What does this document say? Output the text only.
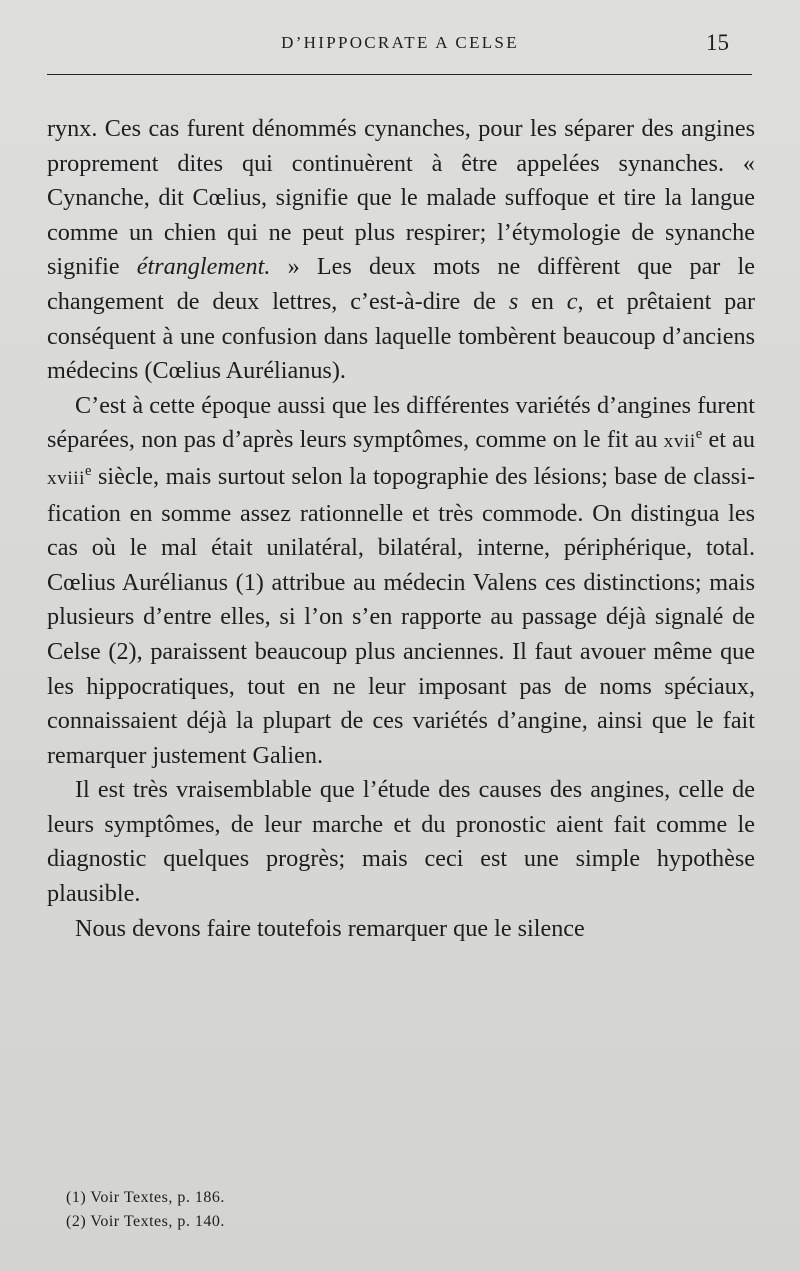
D’HIPPOCRATE A CELSE	15

rynx. Ces cas furent dénommés cynanches, pour les séparer des angines proprement dites qui continuèrent à être appelées synanches. « Cynanche, dit Cœlius, signifie que le malade suffoque et tire la langue comme un chien qui ne peut plus respirer; l’étymologie de synanche signifie étranglement. » Les deux mots ne diffèrent que par le changement de deux lettres, c’est-à-dire de s en c, et prêtaient par conséquent à une confusion dans laquelle tombèrent beaucoup d’anciens médecins (Cœlius Aurélianus).

C’est à cette époque aussi que les différentes variétés d’angines furent séparées, non pas d’après leurs symptômes, comme on le fit au xvii$^e$ et au xviii$^e$ siècle, mais surtout selon la topographie des lésions; base de classification en somme assez rationnelle et très commode. On distingua les cas où le mal était unilatéral, bilatéral, interne, périphérique, total. Cœlius Aurélianus (1) attribue au médecin Valens ces distinctions; mais plusieurs d’entre elles, si l’on s’en rapporte au passage déjà signalé de Celse (2), paraissent beaucoup plus anciennes. Il faut avouer même que les hippocratiques, tout en ne leur imposant pas de noms spéciaux, connaissaient déjà la plupart de ces variétés d’angine, ainsi que le fait remarquer justement Galien.

Il est très vraisemblable que l’étude des causes des angines, celle de leurs symptômes, de leur marche et du pronostic aient fait comme le diagnostic quelques progrès; mais ceci est une simple hypothèse plausible.

Nous devons faire toutefois remarquer que le silence

(1) Voir Textes, p. 186.
(2) Voir Textes, p. 140.
